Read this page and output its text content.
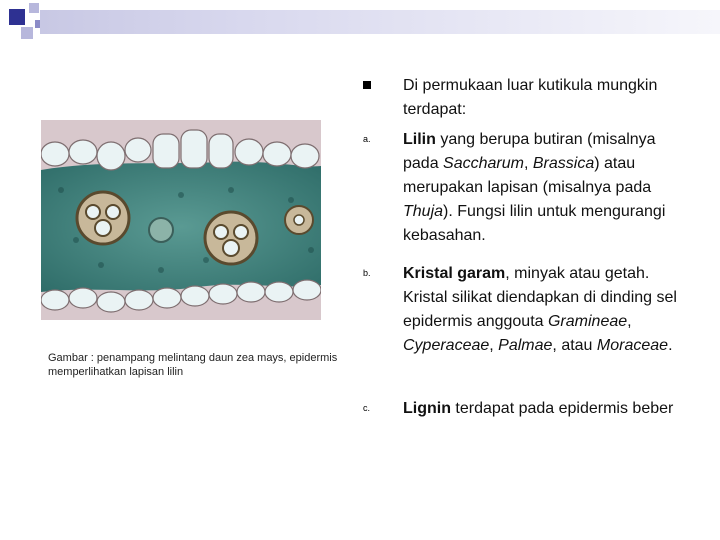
Gambar : penampang melintang daun zea mays, epidermis memperlihatkan lapisan lilin
Di permukaan luar kutikula mungkin terdapat:
a. Lilin yang berupa butiran (misalnya pada Saccharum, Brassica) atau merupakan lapisan (misalnya pada Thuja). Fungsi lilin untuk mengurangi kebasahan.
b. Kristal garam, minyak atau getah. Kristal silikat diendapkan di dinding sel epidermis anggouta Gramineae, Cyperaceae, Palmae, atau Moraceae.
c. Lignin terdapat pada epidermis beber
